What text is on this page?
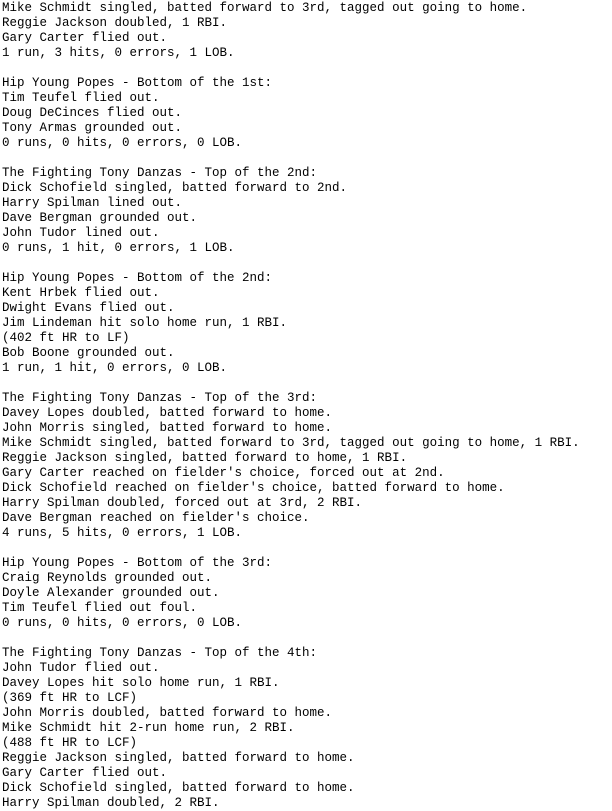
Mike Schmidt singled, batted forward to 3rd, tagged out going to home.
Reggie Jackson doubled, 1 RBI.
Gary Carter flied out.
1 run, 3 hits, 0 errors, 1 LOB.

Hip Young Popes - Bottom of the 1st:
Tim Teufel flied out.
Doug DeCinces flied out.
Tony Armas grounded out.
0 runs, 0 hits, 0 errors, 0 LOB.

The Fighting Tony Danzas - Top of the 2nd:
Dick Schofield singled, batted forward to 2nd.
Harry Spilman lined out.
Dave Bergman grounded out.
John Tudor lined out.
0 runs, 1 hit, 0 errors, 1 LOB.

Hip Young Popes - Bottom of the 2nd:
Kent Hrbek flied out.
Dwight Evans flied out.
Jim Lindeman hit solo home run, 1 RBI.
(402 ft HR to LF)
Bob Boone grounded out.
1 run, 1 hit, 0 errors, 0 LOB.

The Fighting Tony Danzas - Top of the 3rd:
Davey Lopes doubled, batted forward to home.
John Morris singled, batted forward to home.
Mike Schmidt singled, batted forward to 3rd, tagged out going to home, 1 RBI.
Reggie Jackson singled, batted forward to home, 1 RBI.
Gary Carter reached on fielder's choice, forced out at 2nd.
Dick Schofield reached on fielder's choice, batted forward to home.
Harry Spilman doubled, forced out at 3rd, 2 RBI.
Dave Bergman reached on fielder's choice.
4 runs, 5 hits, 0 errors, 1 LOB.

Hip Young Popes - Bottom of the 3rd:
Craig Reynolds grounded out.
Doyle Alexander grounded out.
Tim Teufel flied out foul.
0 runs, 0 hits, 0 errors, 0 LOB.

The Fighting Tony Danzas - Top of the 4th:
John Tudor flied out.
Davey Lopes hit solo home run, 1 RBI.
(369 ft HR to LCF)
John Morris doubled, batted forward to home.
Mike Schmidt hit 2-run home run, 2 RBI.
(488 ft HR to LCF)
Reggie Jackson singled, batted forward to home.
Gary Carter flied out.
Dick Schofield singled, batted forward to home.
Harry Spilman doubled, 2 RBI.
